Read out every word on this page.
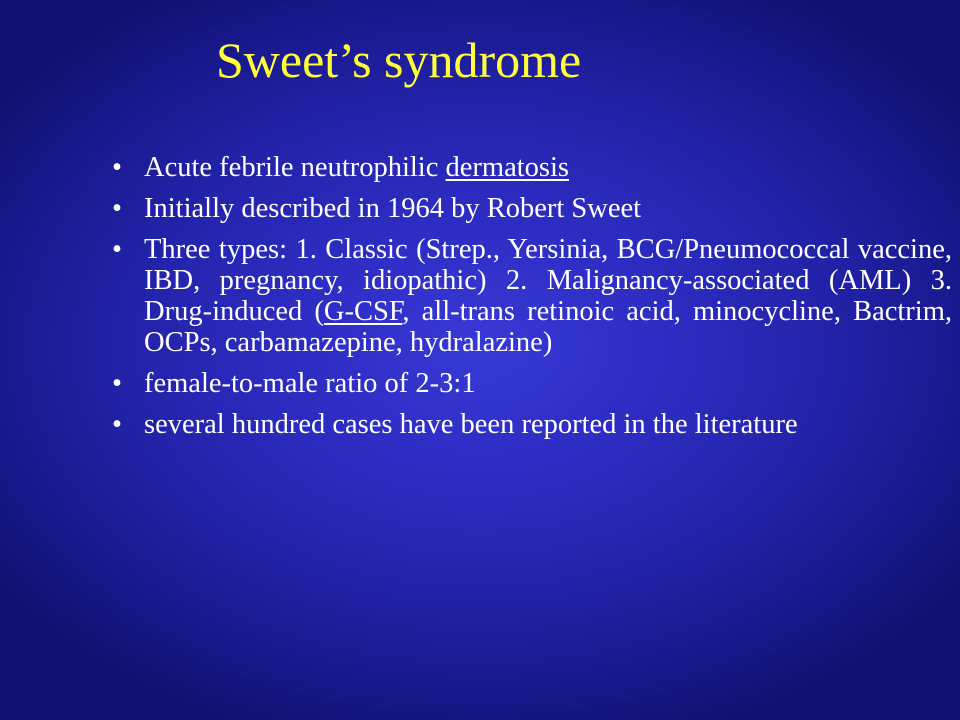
Sweet’s syndrome
• Acute febrile neutrophilic dermatosis
• Initially described in 1964 by Robert Sweet
• Three types: 1. Classic (Strep., Yersinia, BCG/Pneumococcal vaccine, IBD, pregnancy, idiopathic) 2. Malignancy-associated (AML) 3. Drug-induced (G-CSF, all-trans retinoic acid, minocycline, Bactrim, OCPs, carbamazepine, hydralazine)
• female-to-male ratio of 2-3:1
• several hundred cases have been reported in the literature
